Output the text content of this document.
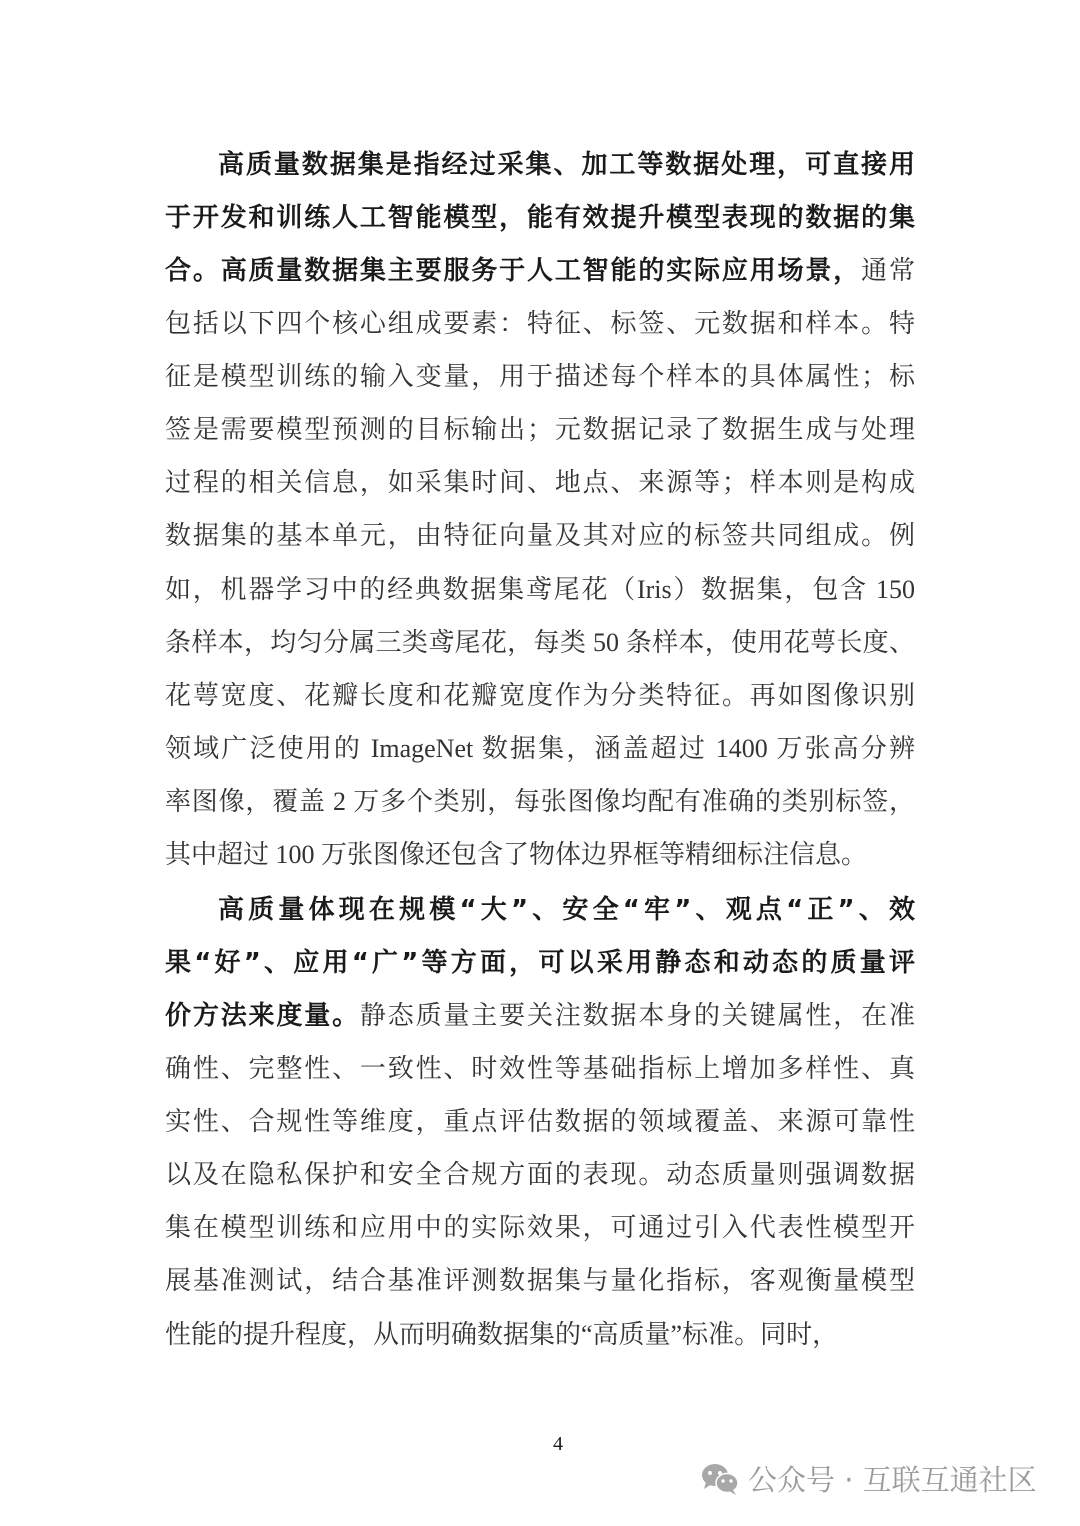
高质量数据集是指经过采集、加工等数据处理，可直接用
于开发和训练人工智能模型，能有效提升模型表现的数据的集
合。高质量数据集主要服务于人工智能的实际应用场景，通常
包括以下四个核心组成要素：特征、标签、元数据和样本。特
征是模型训练的输入变量，用于描述每个样本的具体属性；标
签是需要模型预测的目标输出；元数据记录了数据生成与处理
过程的相关信息，如采集时间、地点、来源等；样本则是构成
数据集的基本单元，由特征向量及其对应的标签共同组成。例
如，机器学习中的经典数据集鸢尾花（Iris）数据集，包含 150
条样本，均匀分属三类鸢尾花，每类 50 条样本，使用花萼长度、
花萼宽度、花瓣长度和花瓣宽度作为分类特征。再如图像识别
领域广泛使用的 ImageNet 数据集，涵盖超过 1400 万张高分辨
率图像，覆盖 2 万多个类别，每张图像均配有准确的类别标签，
其中超过 100 万张图像还包含了物体边界框等精细标注信息。
高质量体现在规模“大”、安全“牢”、观点“正”、效
果“好”、应用“广”等方面，可以采用静态和动态的质量评
价方法来度量。静态质量主要关注数据本身的关键属性，在准
确性、完整性、一致性、时效性等基础指标上增加多样性、真
实性、合规性等维度，重点评估数据的领域覆盖、来源可靠性
以及在隐私保护和安全合规方面的表现。动态质量则强调数据
集在模型训练和应用中的实际效果，可通过引入代表性模型开
展基准测试，结合基准评测数据集与量化指标，客观衡量模型
性能的提升程度，从而明确数据集的“高质量”标准。同时，
4
公众号 · 互联互通社区
